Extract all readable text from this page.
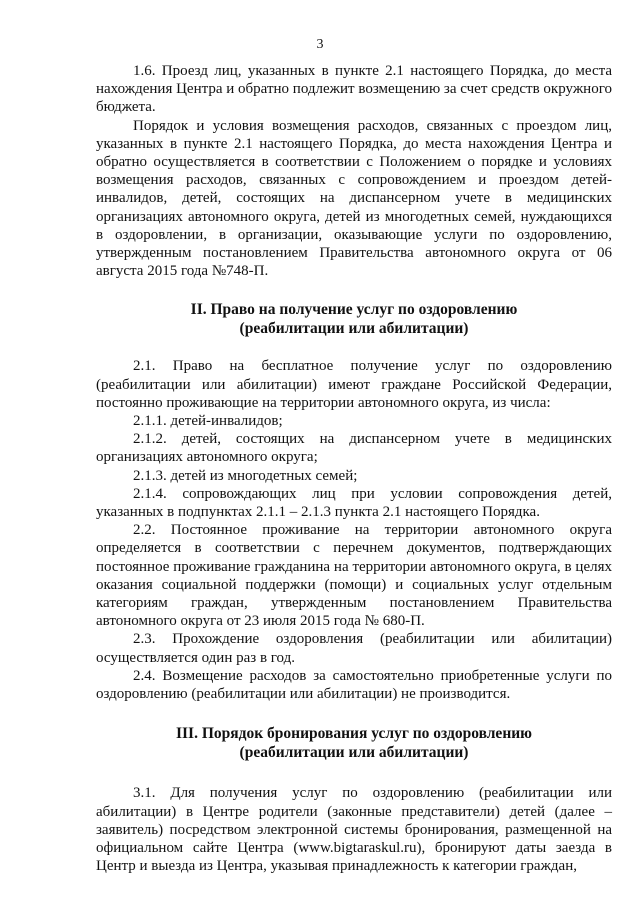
3

1.6. Проезд лиц, указанных в пункте 2.1 настоящего Порядка, до места нахождения Центра и обратно подлежит возмещению за счет средств окружного бюджета.

Порядок и условия возмещения расходов, связанных с проездом лиц, указанных в пункте 2.1 настоящего Порядка, до места нахождения Центра и обратно осуществляется в соответствии с Положением о порядке и условиях возмещения расходов, связанных с сопровождением и проездом детей-инвалидов, детей, состоящих на диспансерном учете в медицинских организациях автономного округа, детей из многодетных семей, нуждающихся в оздоровлении, в организации, оказывающие услуги по оздоровлению, утвержденным постановлением Правительства автономного округа от 06 августа 2015 года №748-П.

II. Право на получение услуг по оздоровлению
(реабилитации или абилитации)

2.1. Право на бесплатное получение услуг по оздоровлению (реабилитации или абилитации) имеют граждане Российской Федерации, постоянно проживающие на территории автономного округа, из числа:

2.1.1. детей-инвалидов;

2.1.2. детей, состоящих на диспансерном учете в медицинских организациях автономного округа;

2.1.3. детей из многодетных семей;

2.1.4. сопровождающих лиц при условии сопровождения детей, указанных в подпунктах 2.1.1 – 2.1.3 пункта 2.1 настоящего Порядка.

2.2. Постоянное проживание на территории автономного округа определяется в соответствии с перечнем документов, подтверждающих постоянное проживание гражданина на территории автономного округа, в целях оказания социальной поддержки (помощи) и социальных услуг отдельным категориям граждан, утвержденным постановлением Правительства автономного округа от 23 июля 2015 года № 680-П.

2.3. Прохождение оздоровления (реабилитации или абилитации) осуществляется один раз в год.

2.4. Возмещение расходов за самостоятельно приобретенные услуги по оздоровлению (реабилитации или абилитации) не производится.

III. Порядок бронирования услуг по оздоровлению
(реабилитации или абилитации)

3.1. Для получения услуг по оздоровлению (реабилитации или абилитации) в Центре родители (законные представители) детей (далее – заявитель) посредством электронной системы бронирования, размещенной на официальном сайте Центра (www.bigtaraskul.ru), бронируют даты заезда в Центр и выезда из Центра, указывая принадлежность к категории граждан,
